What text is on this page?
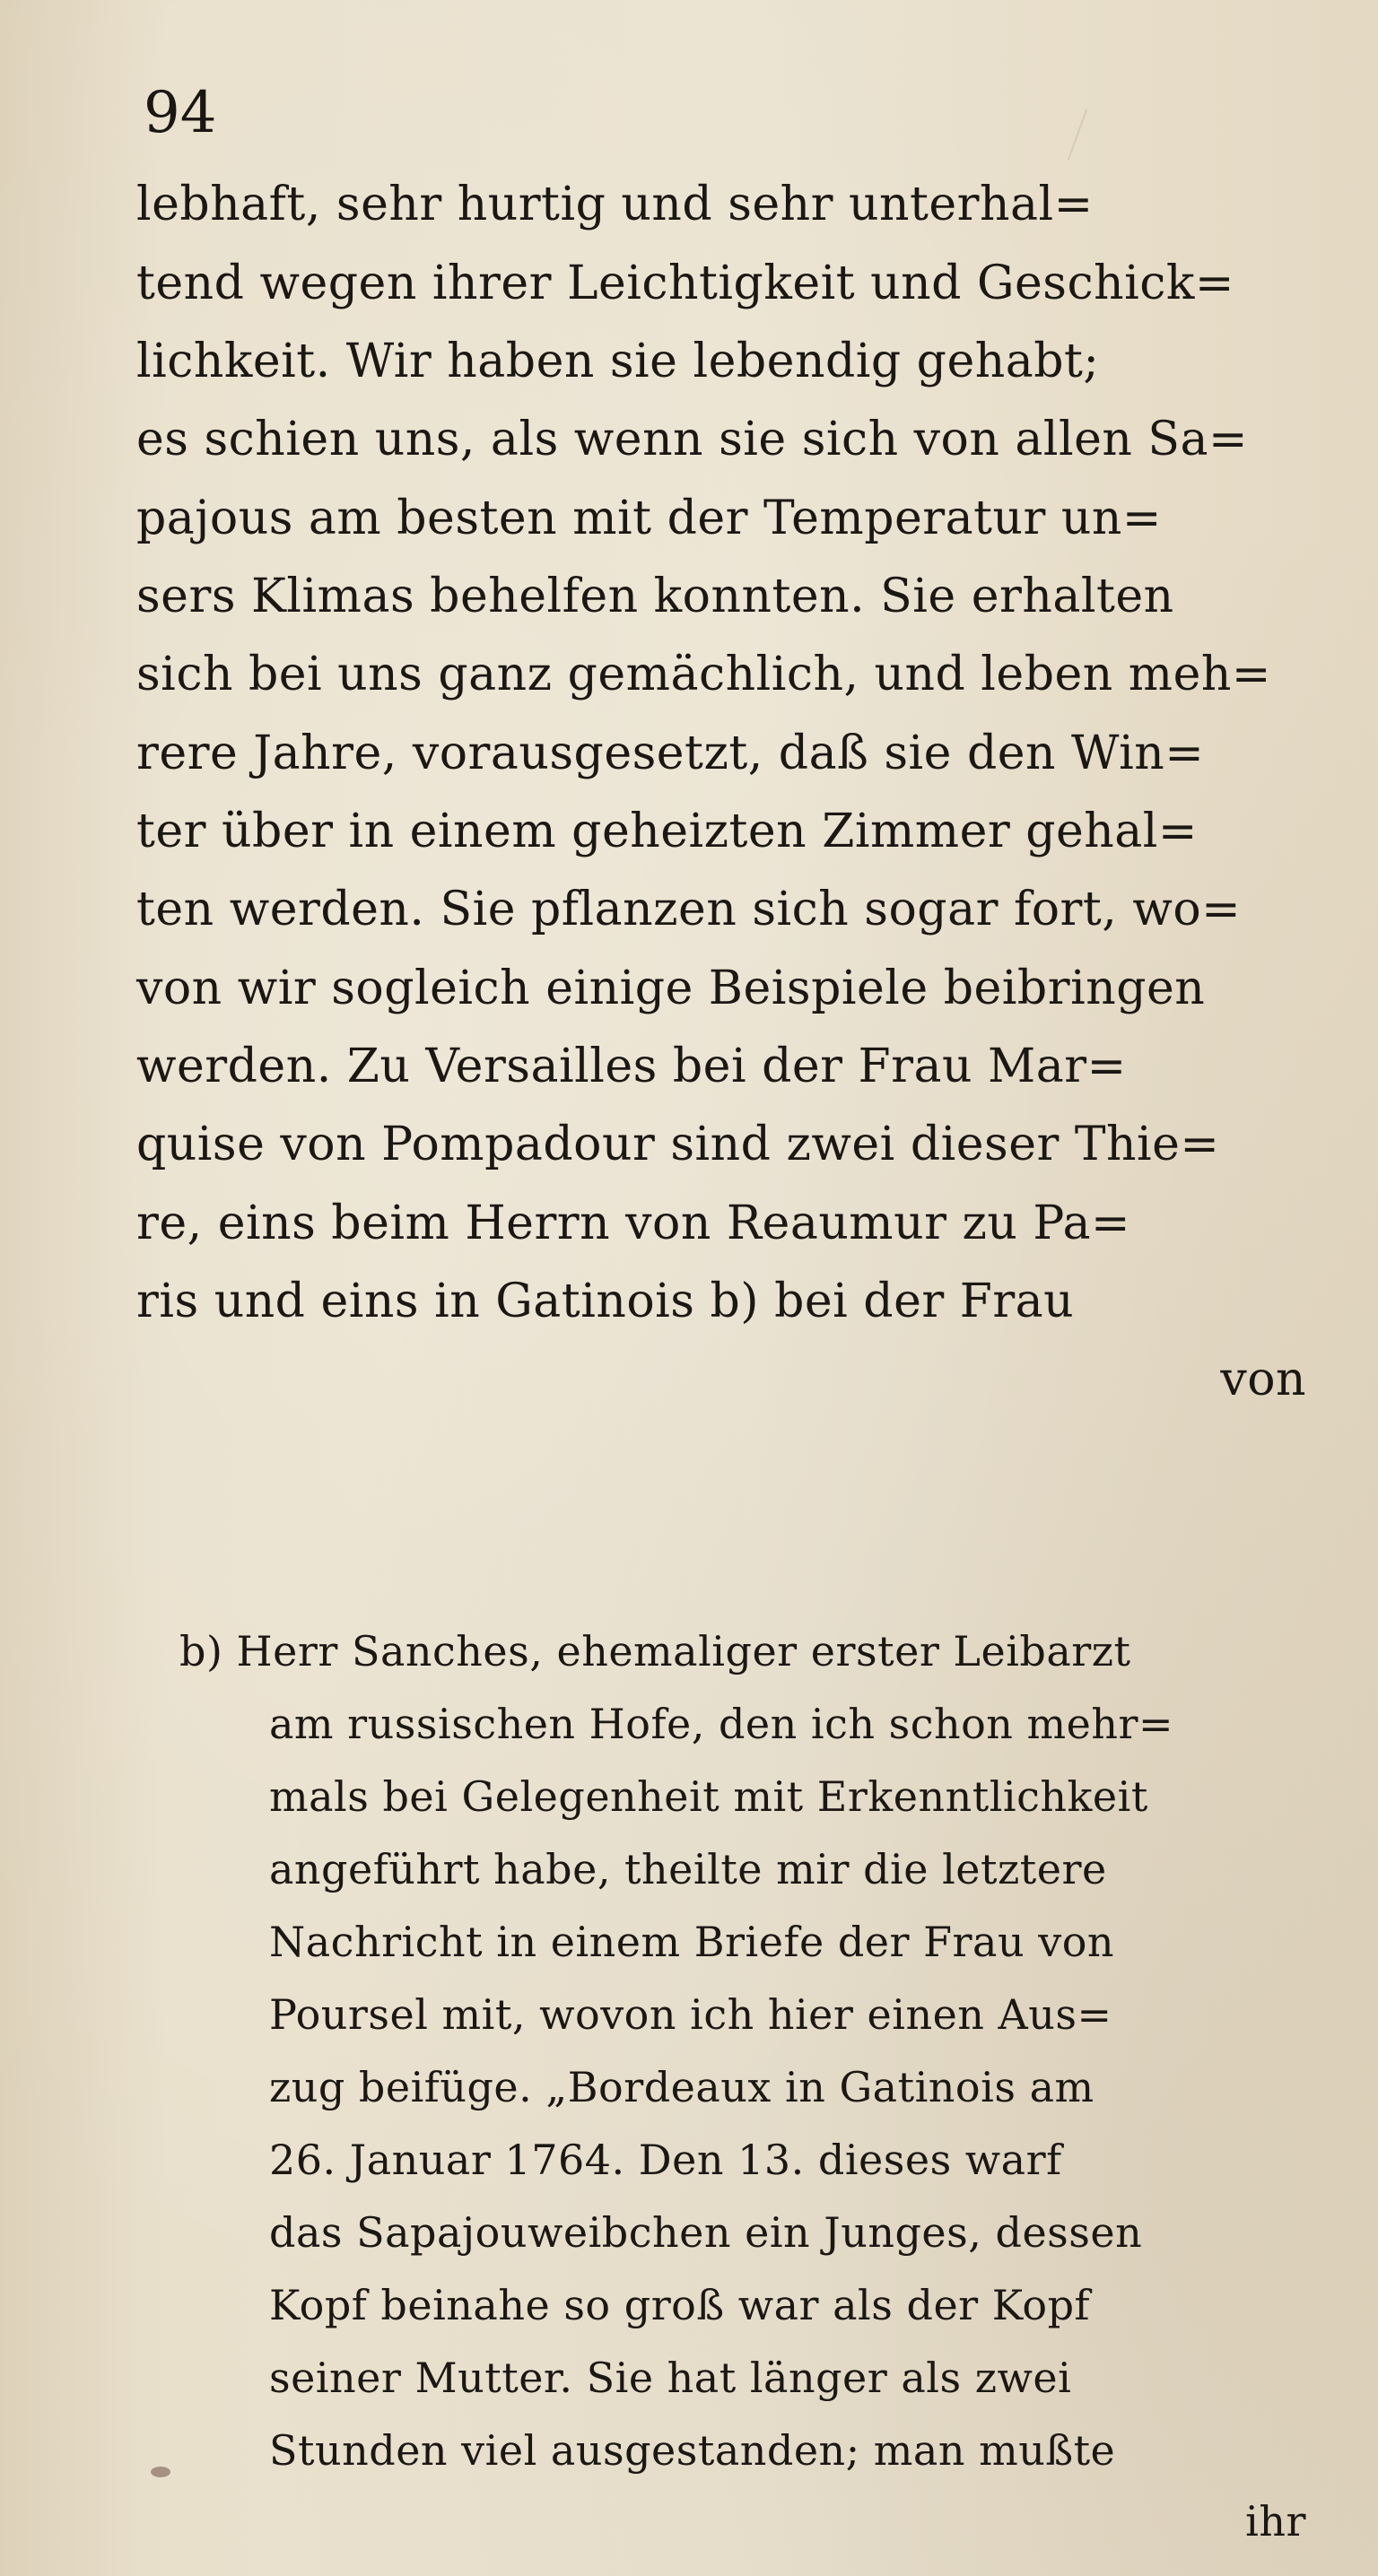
94
lebhaft, sehr hurtig und sehr unterhal=
tend wegen ihrer Leichtigkeit und Geschick=
lichkeit. Wir haben sie lebendig gehabt;
es schien uns, als wenn sie sich von allen Sa=
pajous am besten mit der Temperatur un=
sers Klimas behelfen konnten. Sie erhalten
sich bei uns ganz gemächlich, und leben meh=
rere Jahre, vorausgesetzt, daß sie den Win=
ter über in einem geheizten Zimmer gehal=
ten werden. Sie pflanzen sich sogar fort, wo=
von wir sogleich einige Beispiele beibringen
werden. Zu Versailles bei der Frau Mar=
quise von Pompadour sind zwei dieser Thie=
re, eins beim Herrn von Reaumur zu Pa=
ris und eins in Gatinois b) bei der Frau
von
b) Herr Sanches, ehemaliger erster Leibarzt
am russischen Hofe, den ich schon mehr=
mals bei Gelegenheit mit Erkenntlichkeit
angeführt habe, theilte mir die letztere
Nachricht in einem Briefe der Frau von
Poursel mit, wovon ich hier einen Aus=
zug beifüge. „Bordeaux in Gatinois am
26. Januar 1764. Den 13. dieses warf
das Sapajouweibchen ein Junges, dessen
Kopf beinahe so groß war als der Kopf
seiner Mutter. Sie hat länger als zwei
Stunden viel ausgestanden; man mußte
ihr
